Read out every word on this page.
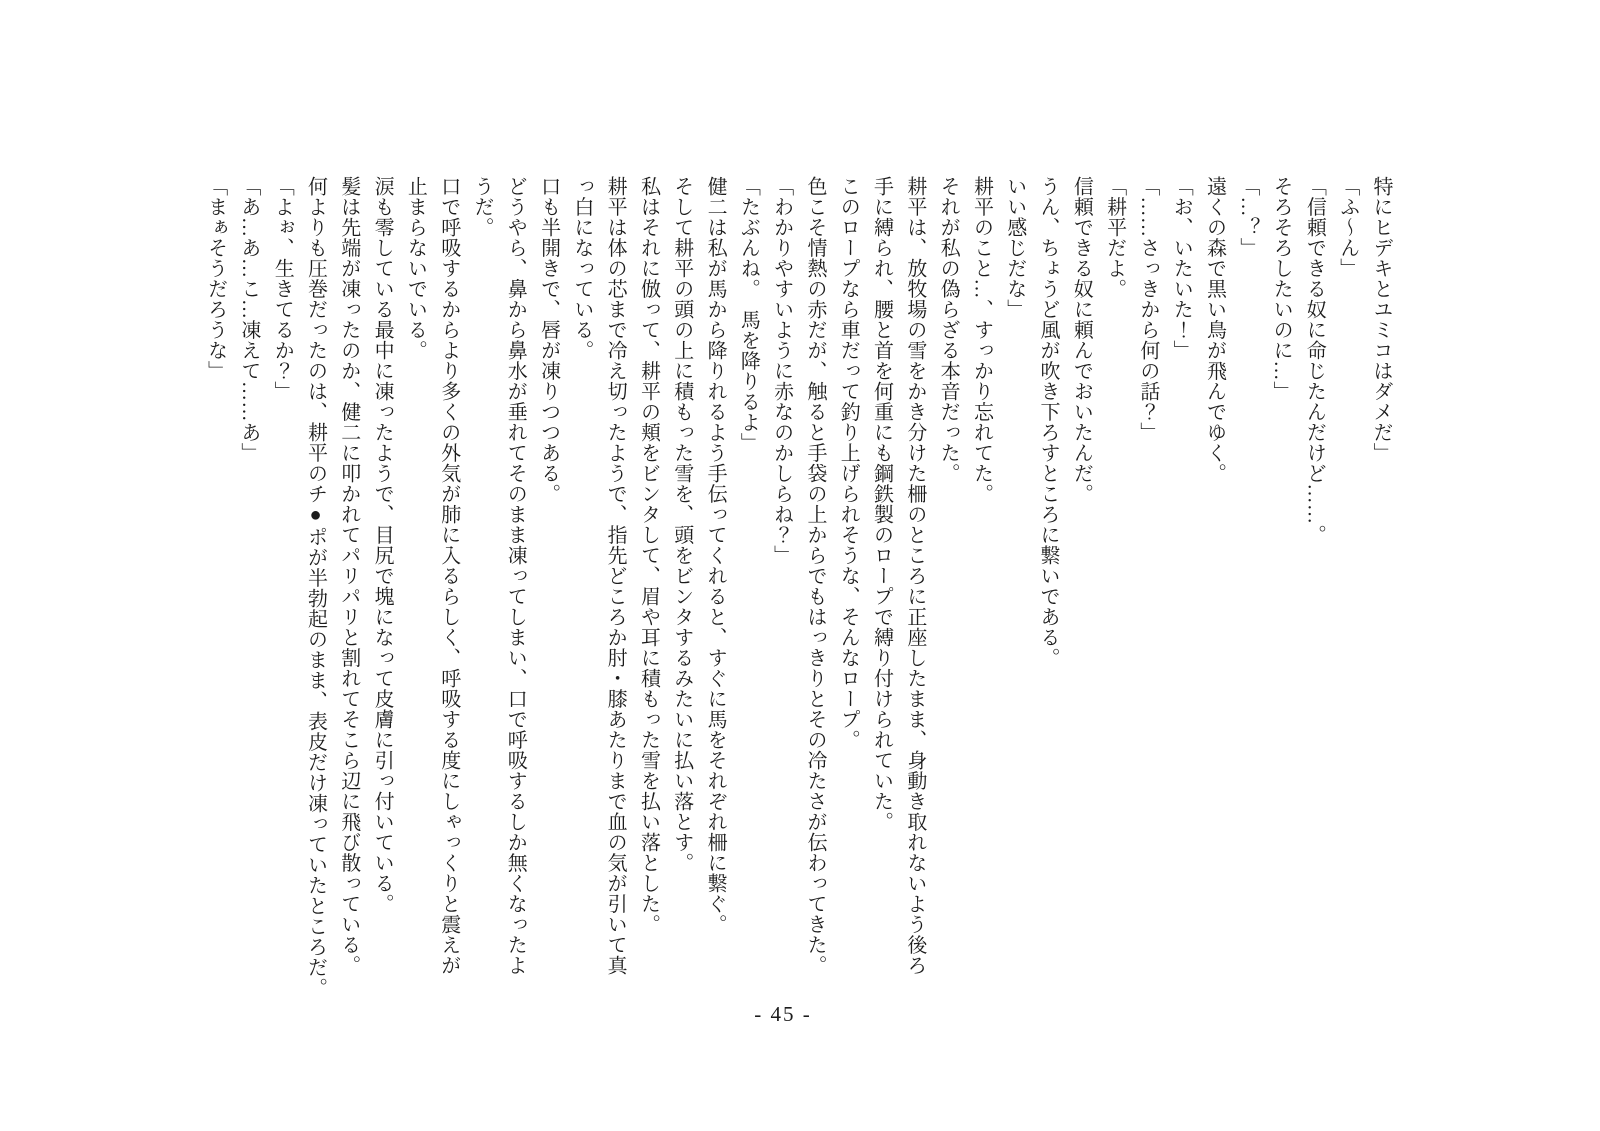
特にヒデキとユミコはダメだ」
「ふ〜ん」
「信頼できる奴に命じたんだけど……。
そろそろしたいのに…」
「…？」
遠くの森で黒い鳥が飛んでゆく。
「お、いたいた！」
「……さっきから何の話？」
「耕平だよ。
信頼できる奴に頼んでおいたんだ。
うん、ちょうど風が吹き下ろすところに繋いである。
いい感じだな」
耕平のこと…、すっかり忘れてた。
それが私の偽らざる本音だった。
耕平は、放牧場の雪をかき分けた柵のところに正座したまま、身動き取れないよう後ろ
手に縛られ、腰と首を何重にも鋼鉄製のロープで縛り付けられていた。
このロープなら車だって釣り上げられそうな、そんなロープ。
色こそ情熱の赤だが、触ると手袋の上からでもはっきりとその冷たさが伝わってきた。
「わかりやすいように赤なのかしらね？」
「たぶんね。　馬を降りるよ」
健二は私が馬から降りれるよう手伝ってくれると、すぐに馬をそれぞれ柵に繋ぐ。
そして耕平の頭の上に積もった雪を、頭をビンタするみたいに払い落とす。
私はそれに倣って、耕平の頬をビンタして、眉や耳に積もった雪を払い落とした。
耕平は体の芯まで冷え切ったようで、指先どころか肘・膝あたりまで血の気が引いて真
っ白になっている。
口も半開きで、唇が凍りつつある。
どうやら、鼻から鼻水が垂れてそのまま凍ってしまい、口で呼吸するしか無くなったよ
うだ。
口で呼吸するからより多くの外気が肺に入るらしく、呼吸する度にしゃっくりと震えが
止まらないでいる。
涙も零している最中に凍ったようで、目尻で塊になって皮膚に引っ付いている。
髪は先端が凍ったのか、健二に叩かれてパリパリと割れてそこら辺に飛び散っている。
何よりも圧巻だったのは、耕平のチ●ポが半勃起のまま、表皮だけ凍っていたところだ。
「よぉ、生きてるか？」
「あ…あ…こ…凍えて……あ」
「まぁそうだろうな」
- 45 -
